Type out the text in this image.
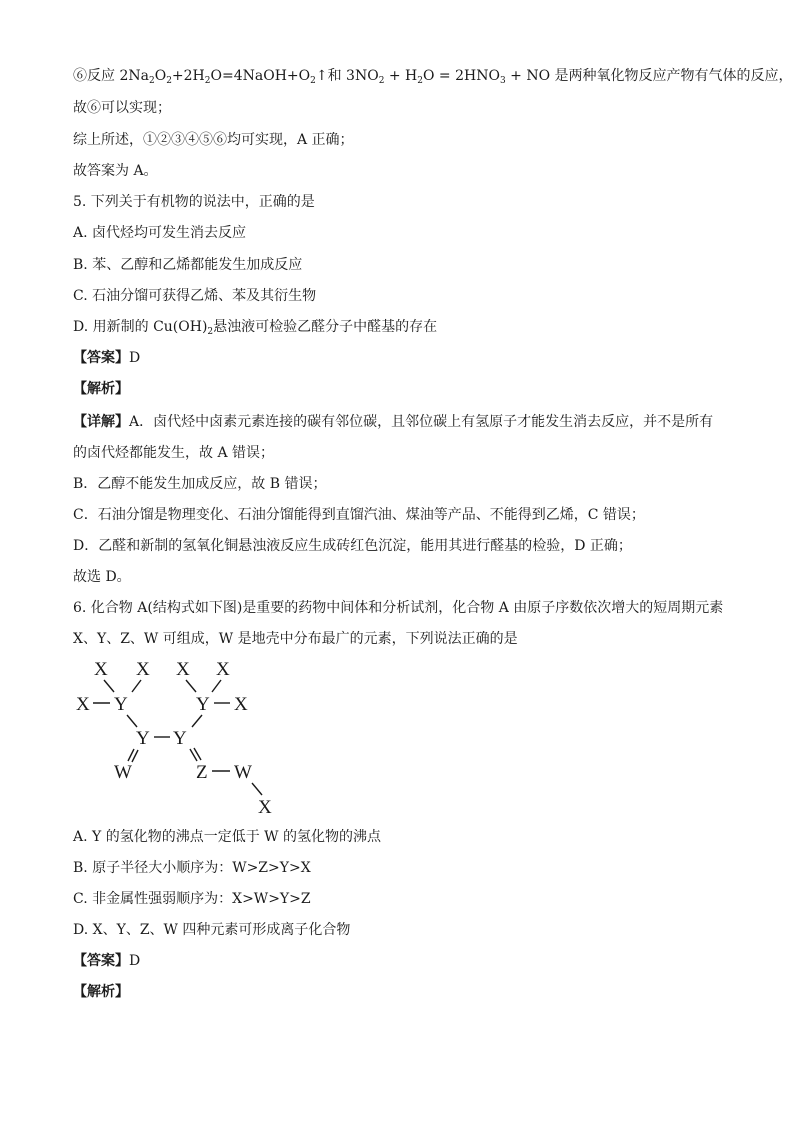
⑥反应 $2Na_2O_2+2H_2O=4NaOH+O_2↑$和 $3NO_2 + H_2O = 2HNO_3$ + NO 是两种氧化物反应产物有气体的反应，
故⑥可以实现；
综上所述，①②③④⑤⑥均可实现，A 正确；
故答案为 A。
5. 下列关于有机物的说法中，正确的是
A. 卤代烃均可发生消去反应
B. 苯、乙醇和乙烯都能发生加成反应
C. 石油分馏可获得乙烯、苯及其衍生物
D. 用新制的 $Cu(OH)_2$悬浊液可检验乙醛分子中醛基的存在
【答案】D
【解析】
【详解】A．卤代烃中卤素元素连接的碳有邻位碳，且邻位碳上有氢原子才能发生消去反应，并不是所有
的卤代烃都能发生，故 A 错误；
B．乙醇不能发生加成反应，故 B 错误；
C．石油分馏是物理变化、石油分馏能得到直馏汽油、煤油等产品、不能得到乙烯，C 错误；
D．乙醛和新制的氢氧化铜悬浊液反应生成砖红色沉淀，能用其进行醛基的检验，D 正确；
故选 D。
6. 化合物 A(结构式如下图)是重要的药物中间体和分析试剂，化合物 A 由原子序数依次增大的短周期元素
X、Y、Z、W 可组成，W 是地壳中分布最广的元素，下列说法正确的是
X X X X
X Y	Y X
Y Y
W	Z W
X
A. Y 的氢化物的沸点一定低于 W 的氢化物的沸点
B. 原子半径大小顺序为：W>Z>Y>X
C. 非金属性强弱顺序为：X>W>Y>Z
D. X、Y、Z、W 四种元素可形成离子化合物
【答案】D
【解析】
